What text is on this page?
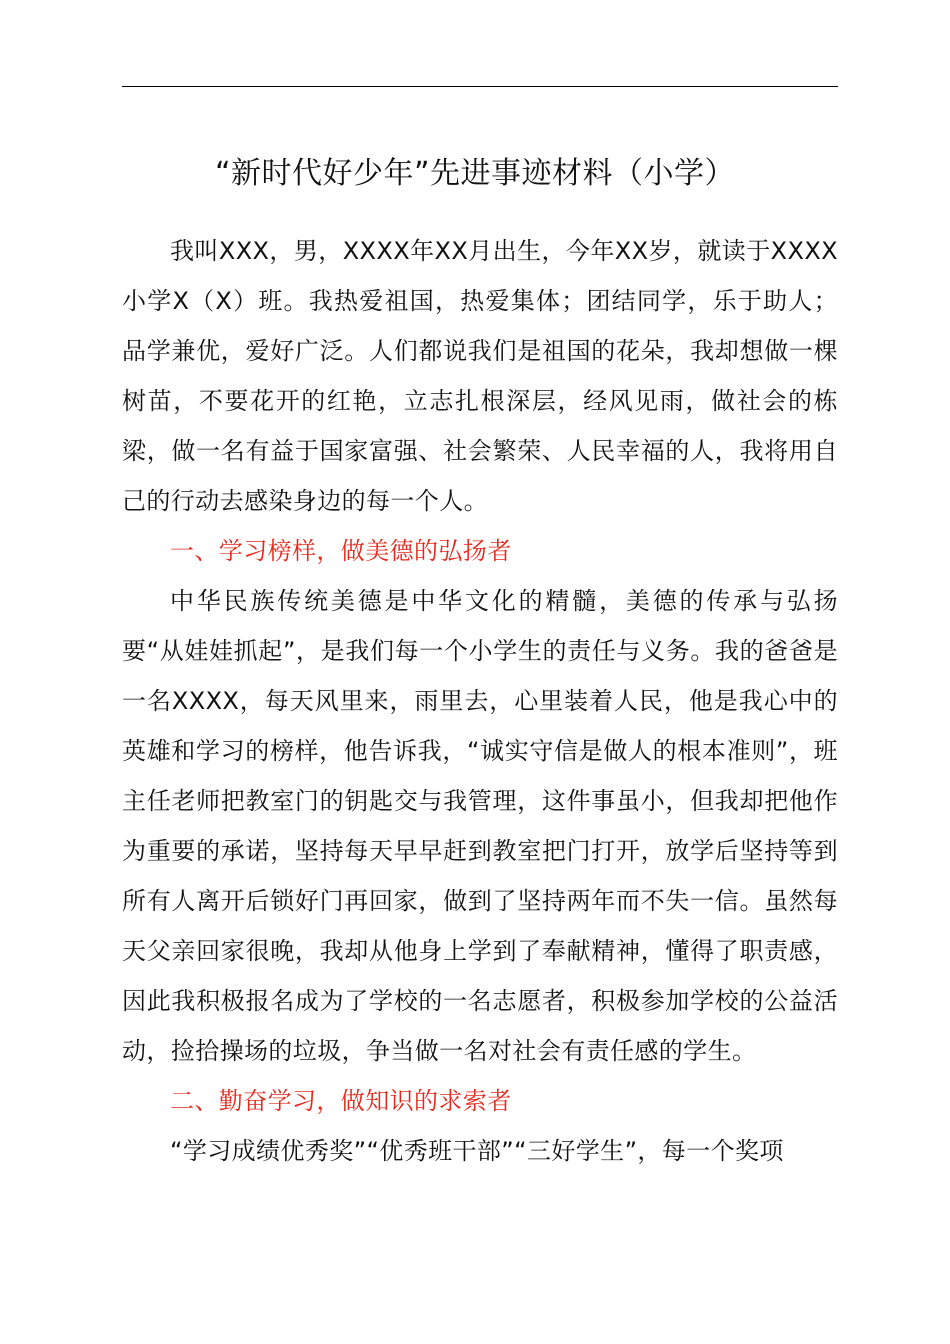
“新时代好少年”先进事迹材料（小学）

我叫XXX，男，XXXX年XX月出生，今年XX岁，就读于XXXX小学X（X）班。我热爱祖国，热爱集体；团结同学，乐于助人；品学兼优，爱好广泛。人们都说我们是祖国的花朵，我却想做一棵树苗，不要花开的红艳，立志扎根深层，经风见雨，做社会的栋梁，做一名有益于国家富强、社会繁荣、人民幸福的人，我将用自己的行动去感染身边的每一个人。

一、学习榜样，做美德的弘扬者

中华民族传统美德是中华文化的精髓，美德的传承与弘扬要“从娃娃抓起”，是我们每一个小学生的责任与义务。我的爸爸是一名XXXX，每天风里来，雨里去，心里装着人民，他是我心中的英雄和学习的榜样，他告诉我，“诚实守信是做人的根本准则”，班主任老师把教室门的钥匙交与我管理，这件事虽小，但我却把他作为重要的承诺，坚持每天早早赶到教室把门打开，放学后坚持等到所有人离开后锁好门再回家，做到了坚持两年而不失一信。虽然每天父亲回家很晚，我却从他身上学到了奉献精神，懂得了职责感，因此我积极报名成为了学校的一名志愿者，积极参加学校的公益活动，捡拾操场的垃圾，争当做一名对社会有责任感的学生。

二、勤奋学习，做知识的求索者

“学习成绩优秀奖”“优秀班干部”“三好学生”，每一个奖项
